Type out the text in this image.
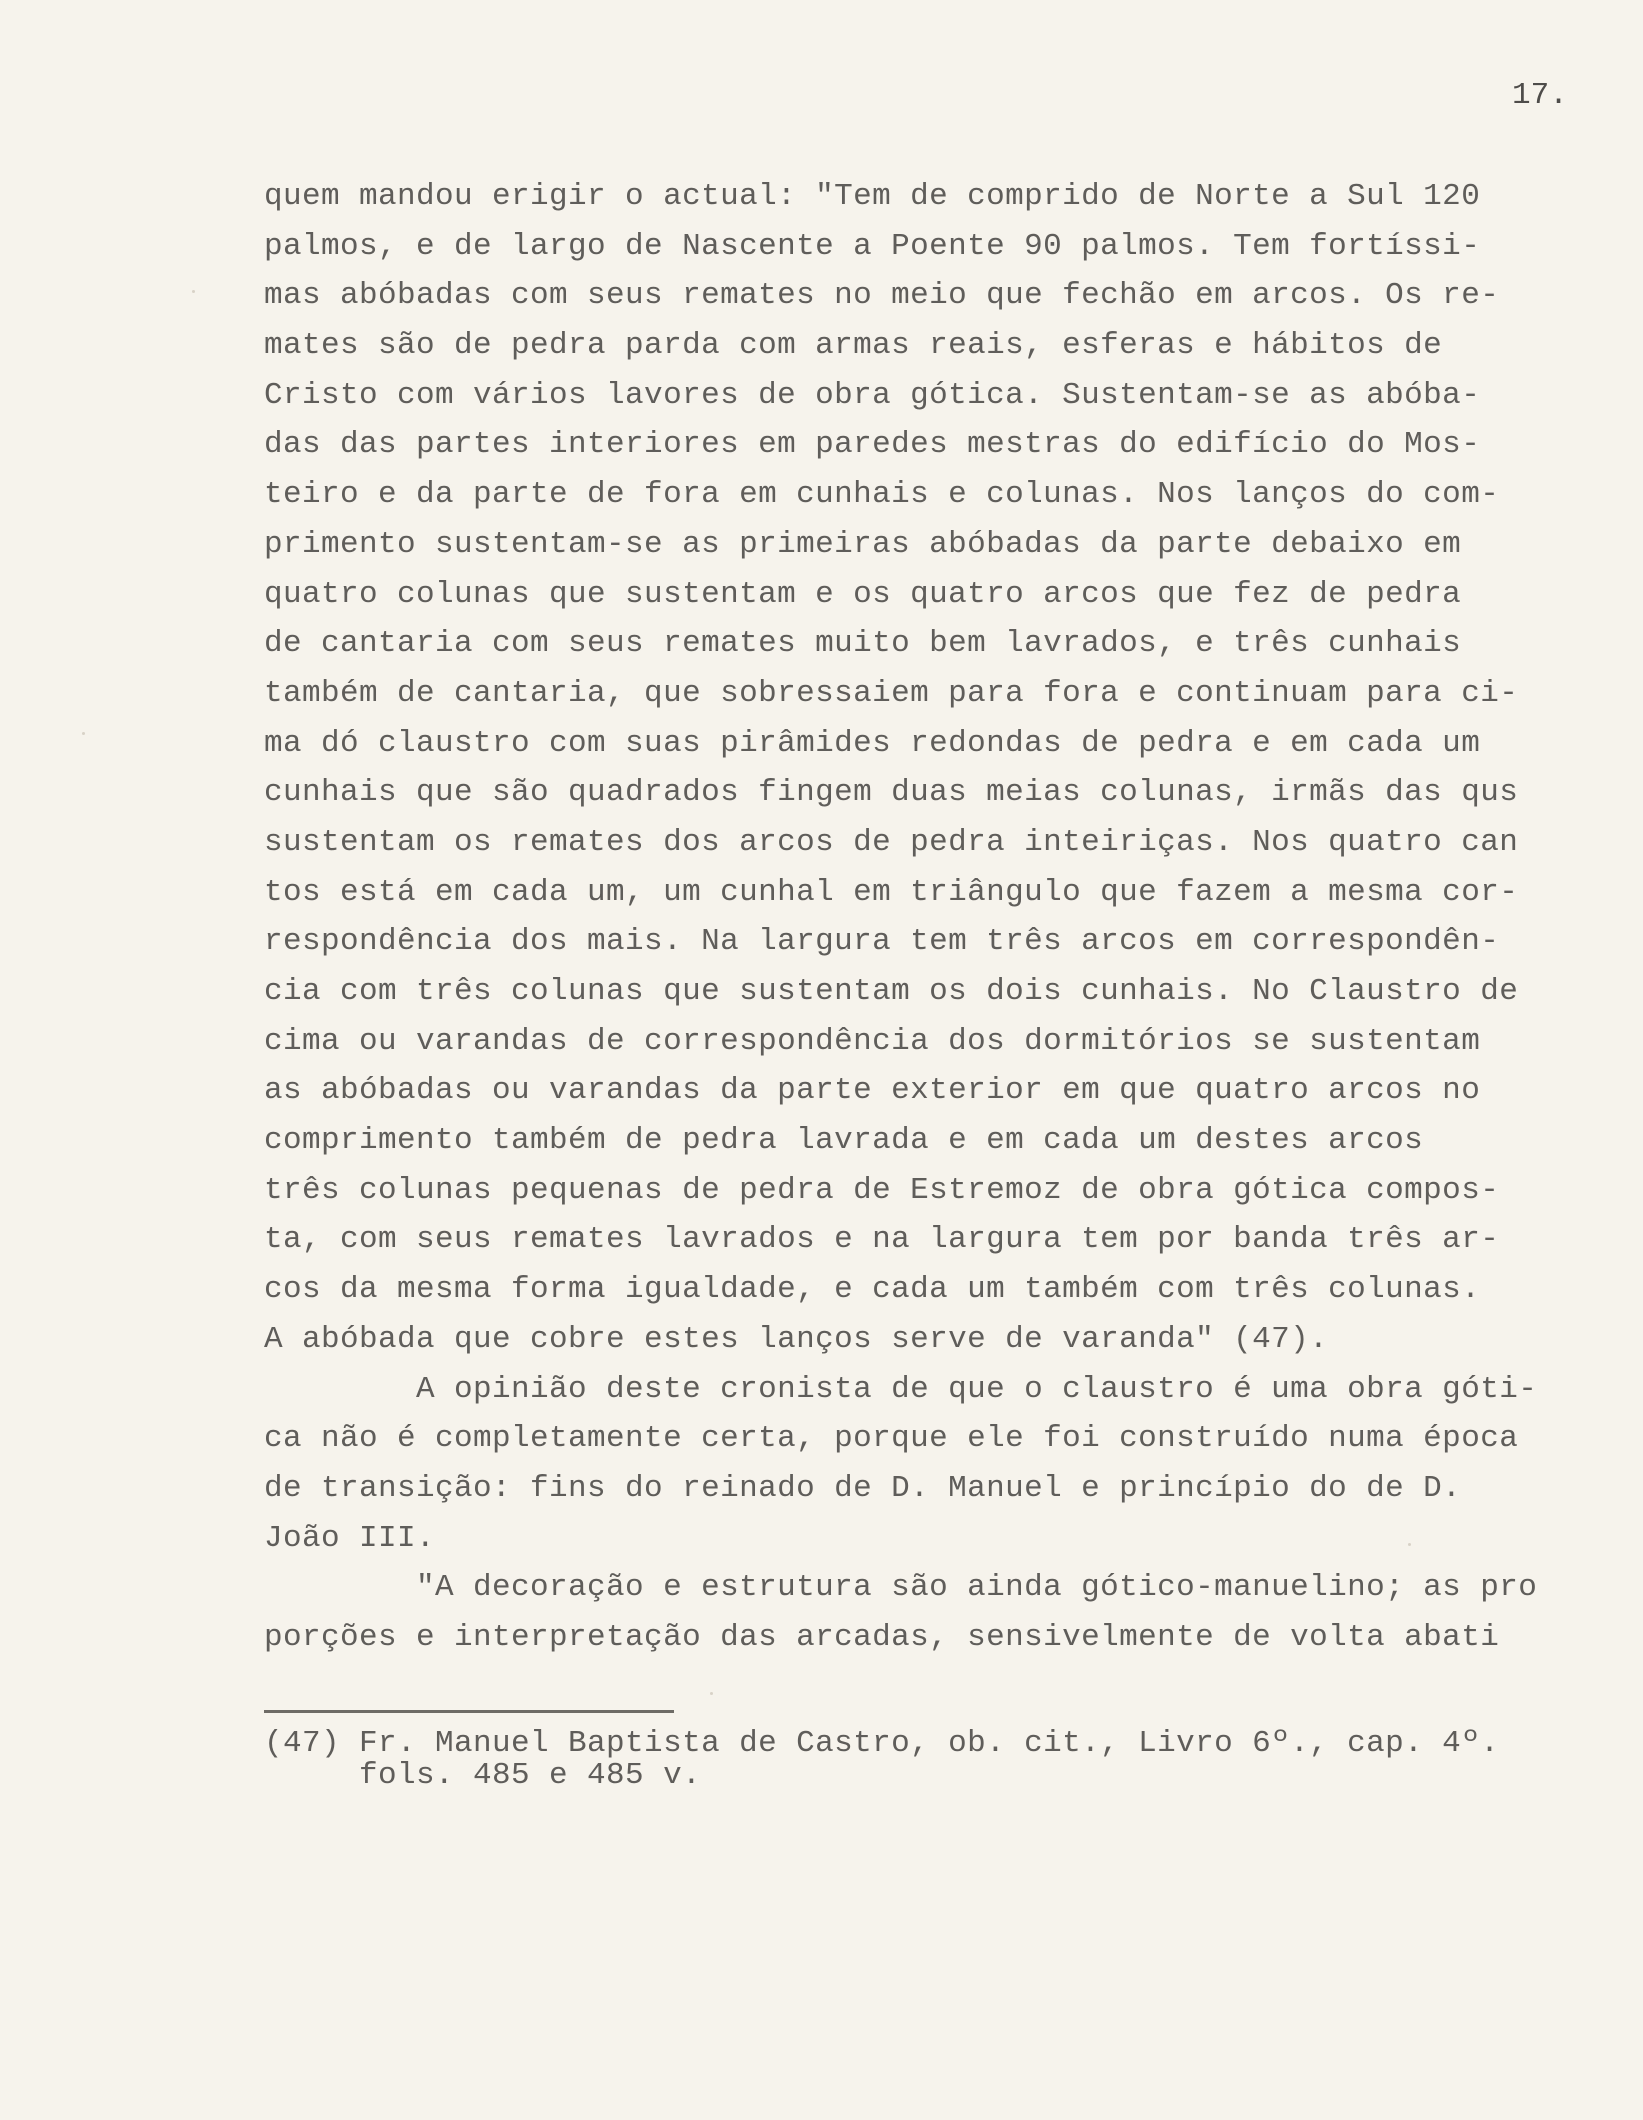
17.
quem mandou erigir o actual: "Tem de comprido de Norte a Sul 120
palmos, e de largo de Nascente a Poente 90 palmos. Tem fortíssi-
mas abóbadas com seus remates no meio que fechão em arcos. Os re-
mates são de pedra parda com armas reais, esferas e hábitos de
Cristo com vários lavores de obra gótica. Sustentam-se as abóba-
das das partes interiores em paredes mestras do edifício do Mos-
teiro e da parte de fora em cunhais e colunas. Nos lanços do com-
primento sustentam-se as primeiras abóbadas da parte debaixo em
quatro colunas que sustentam e os quatro arcos que fez de pedra
de cantaria com seus remates muito bem lavrados, e três cunhais
também de cantaria, que sobressaiem para fora e continuam para ci-
ma dó claustro com suas pirâmides redondas de pedra e em cada um
cunhais que são quadrados fingem duas meias colunas, irmãs das qus
sustentam os remates dos arcos de pedra inteiriças. Nos quatro can
tos está em cada um, um cunhal em triângulo que fazem a mesma cor-
respondência dos mais. Na largura tem três arcos em correspondên-
cia com três colunas que sustentam os dois cunhais. No Claustro de
cima ou varandas de correspondência dos dormitórios se sustentam
as abóbadas ou varandas da parte exterior em que quatro arcos no
comprimento também de pedra lavrada e em cada um destes arcos
três colunas pequenas de pedra de Estremoz de obra gótica compos-
ta, com seus remates lavrados e na largura tem por banda três ar-
cos da mesma forma igualdade, e cada um também com três colunas.
A abóbada que cobre estes lanços serve de varanda" (47).
A opinião deste cronista de que o claustro é uma obra góti-
ca não é completamente certa, porque ele foi construído numa época
de transição: fins do reinado de D. Manuel e princípio do de D.
João III.
"A decoração e estrutura são ainda gótico-manuelino; as pro
porções e interpretação das arcadas, sensivelmente de volta abati
(47) Fr. Manuel Baptista de Castro, ob. cit., Livro 6º., cap. 4º.
fols. 485 e 485 v.
